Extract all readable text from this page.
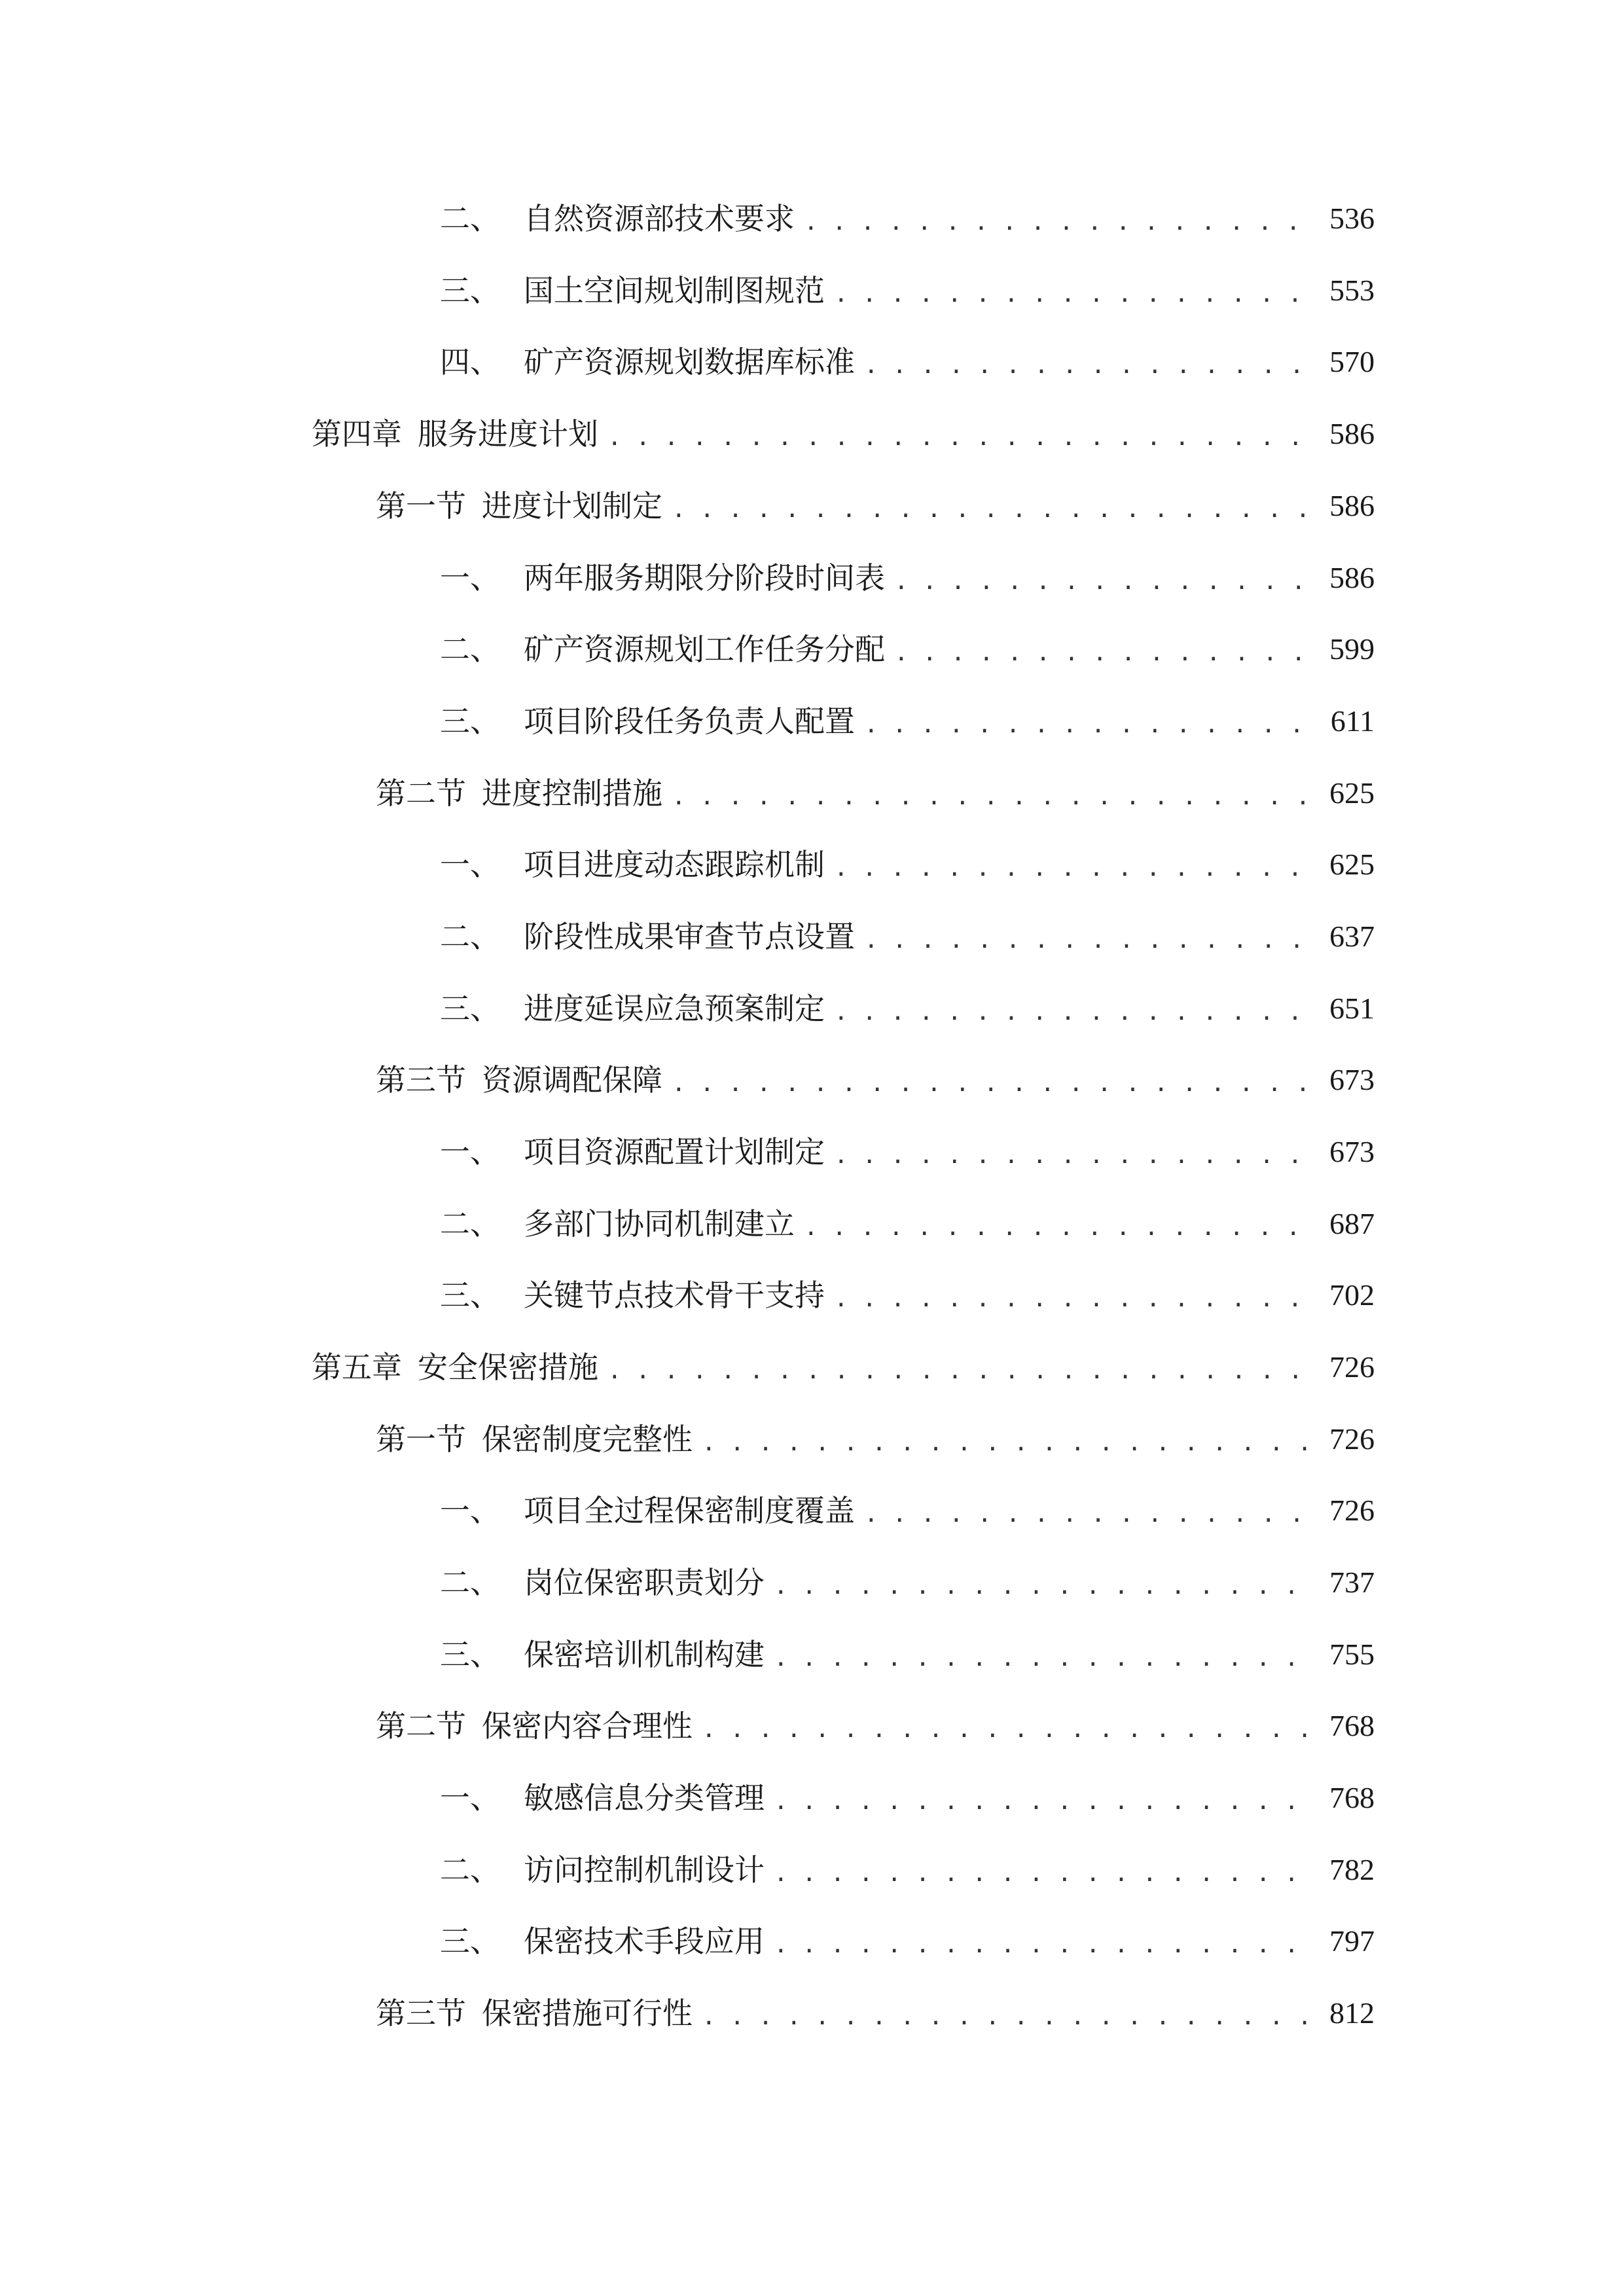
二、 自然资源部技术要求 . . .	536
三、 国土空间规划制图规范 . . .	553
四、 矿产资源规划数据库标准 . . .	570
第四章 服务进度计划 . . .	586
第一节 进度计划制定 . . .	586
一、 两年服务期限分阶段时间表 . . .	586
二、 矿产资源规划工作任务分配 . . .	599
三、 项目阶段任务负责人配置 . . .	611
第二节 进度控制措施 . . .	625
一、 项目进度动态跟踪机制 . . .	625
二、 阶段性成果审查节点设置 . . .	637
三、 进度延误应急预案制定 . . .	651
第三节 资源调配保障 . . .	673
一、 项目资源配置计划制定 . . .	673
二、 多部门协同机制建立 . . .	687
三、 关键节点技术骨干支持 . . .	702
第五章 安全保密措施 . . .	726
第一节 保密制度完整性 . . .	726
一、 项目全过程保密制度覆盖 . . .	726
二、 岗位保密职责划分 . . .	737
三、 保密培训机制构建 . . .	755
第二节 保密内容合理性 . . .	768
一、 敏感信息分类管理 . . .	768
二、 访问控制机制设计 . . .	782
三、 保密技术手段应用 . . .	797
第三节 保密措施可行性 . . .	812
